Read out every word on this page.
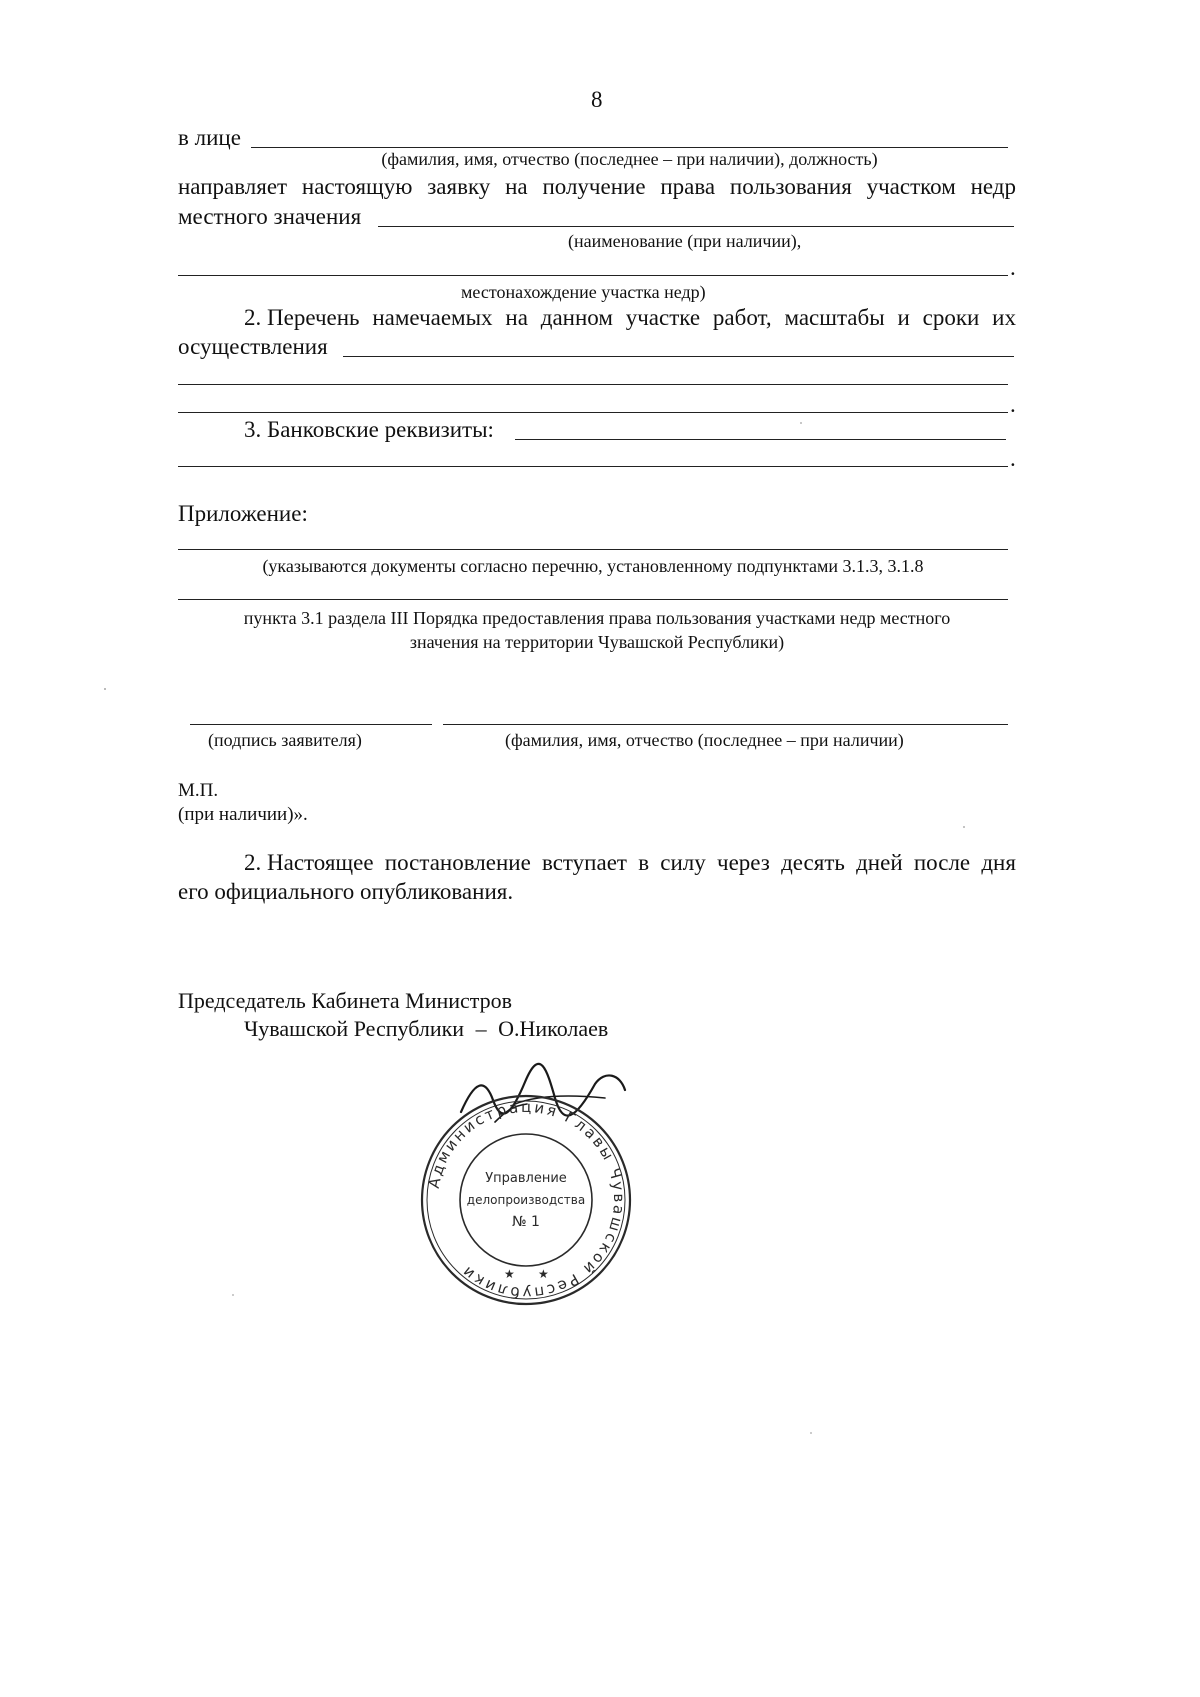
8
в лице
(фамилия, имя, отчество (последнее – при наличии), должность)
направляет настоящую заявку на получение права пользования участком недр
местного значения
(наименование (при наличии),
.
местонахождение участка недр)
2. Перечень намечаемых на данном участке работ, масштабы и сроки их
осуществления
.
3. Банковские реквизиты:
.
Приложение:
(указываются документы согласно перечню, установленному подпунктами 3.1.3, 3.1.8
пункта 3.1 раздела III Порядка предоставления права пользования участками недр местного
значения на территории Чувашской Республики)
(подпись заявителя)	(фамилия, имя, отчество (последнее – при наличии)
М.П.
(при наличии)».
2. Настоящее постановление вступает в силу через десять дней после дня
его официального опубликования.
Председатель Кабинета Министров
Чувашской Республики – О.Николаев
Администрация Главы Чувашской Республики
Управление
делопроизводства
№ 1
★ ★
